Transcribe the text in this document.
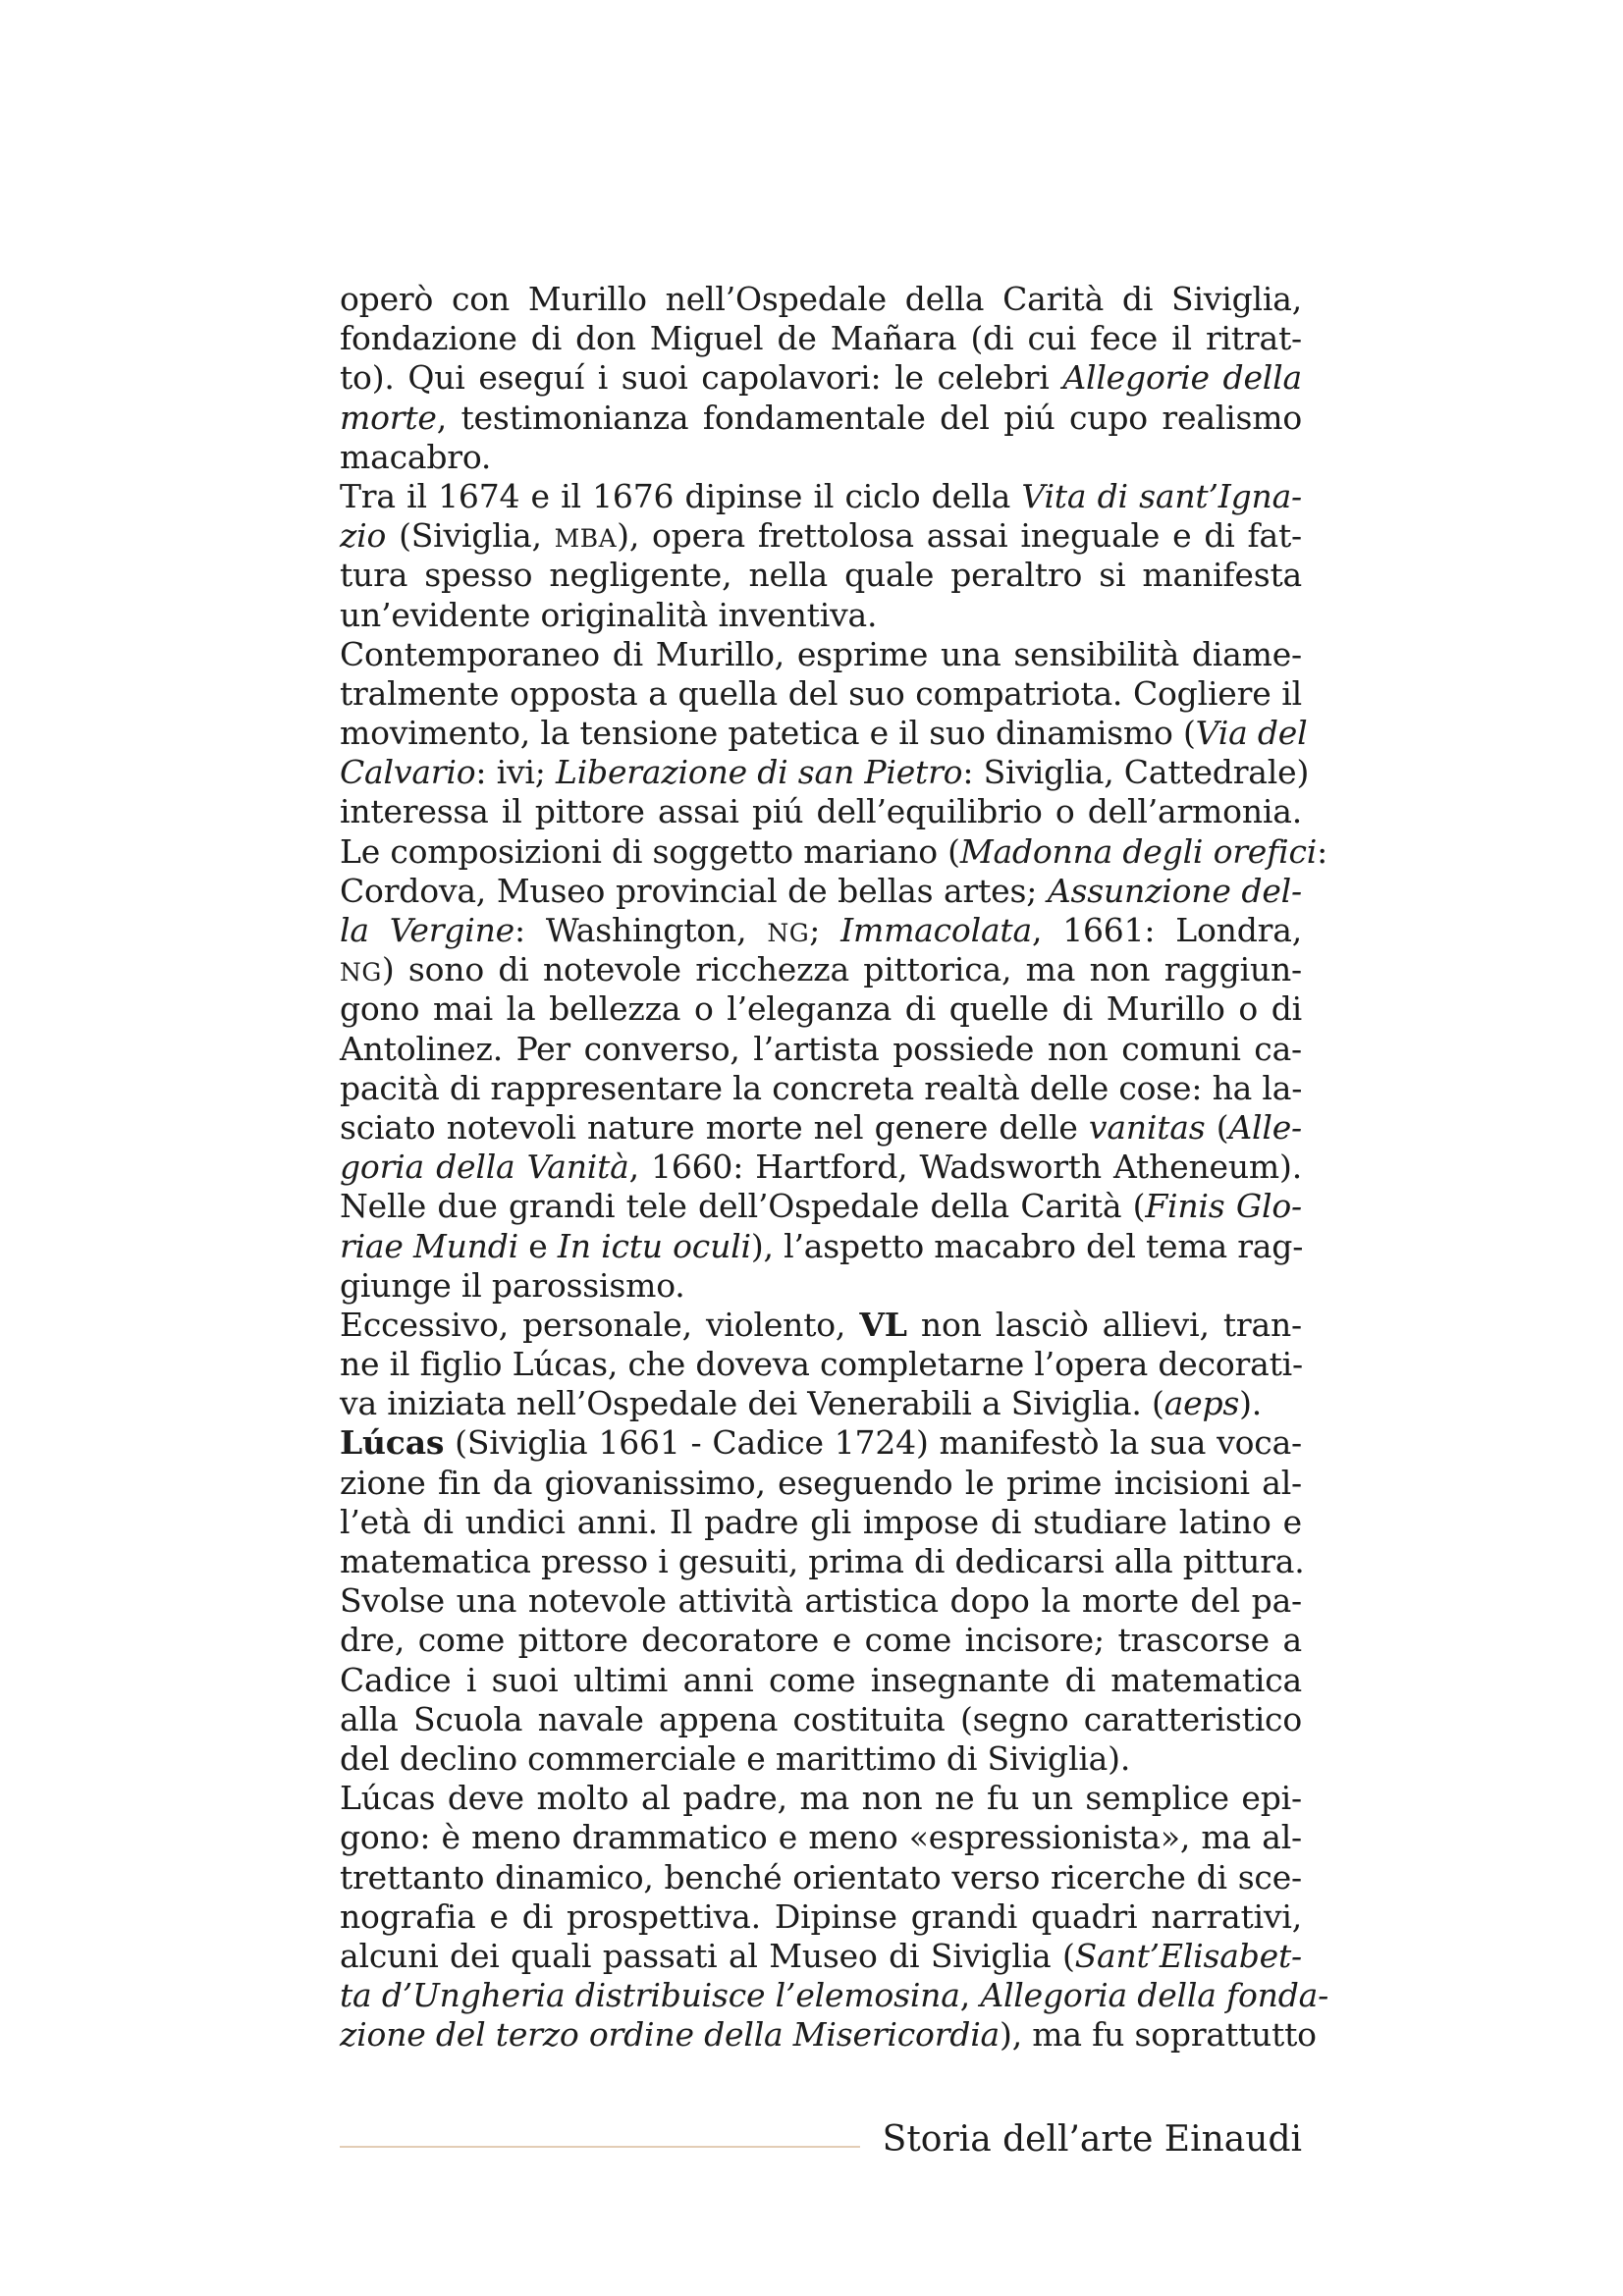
operò con Murillo nell’Ospedale della Carità di Siviglia,
fondazione di don Miguel de Mañara (di cui fece il ritrat-
to). Qui eseguí i suoi capolavori: le celebri Allegorie della
morte, testimonianza fondamentale del piú cupo realismo
macabro.
Tra il 1674 e il 1676 dipinse il ciclo della Vita di sant’Igna-
zio (Siviglia, MBA), opera frettolosa assai ineguale e di fat-
tura spesso negligente, nella quale peraltro si manifesta
un’evidente originalità inventiva.
Contemporaneo di Murillo, esprime una sensibilità diame-
tralmente opposta a quella del suo compatriota. Cogliere il
movimento, la tensione patetica e il suo dinamismo (Via del
Calvario: ivi; Liberazione di san Pietro: Siviglia, Cattedrale)
interessa il pittore assai piú dell’equilibrio o dell’armonia.
Le composizioni di soggetto mariano (Madonna degli orefici:
Cordova, Museo provincial de bellas artes; Assunzione del-
la Vergine: Washington, NG; Immacolata, 1661: Londra,
NG) sono di notevole ricchezza pittorica, ma non raggiun-
gono mai la bellezza o l’eleganza di quelle di Murillo o di
Antolinez. Per converso, l’artista possiede non comuni ca-
pacità di rappresentare la concreta realtà delle cose: ha la-
sciato notevoli nature morte nel genere delle vanitas (Alle-
goria della Vanità, 1660: Hartford, Wadsworth Atheneum).
Nelle due grandi tele dell’Ospedale della Carità (Finis Glo-
riae Mundi e In ictu oculi), l’aspetto macabro del tema rag-
giunge il parossismo.
Eccessivo, personale, violento, VL non lasciò allievi, tran-
ne il figlio Lúcas, che doveva completarne l’opera decorati-
va iniziata nell’Ospedale dei Venerabili a Siviglia. (aeps).
Lúcas (Siviglia 1661 - Cadice 1724) manifestò la sua voca-
zione fin da giovanissimo, eseguendo le prime incisioni al-
l’età di undici anni. Il padre gli impose di studiare latino e
matematica presso i gesuiti, prima di dedicarsi alla pittura.
Svolse una notevole attività artistica dopo la morte del pa-
dre, come pittore decoratore e come incisore; trascorse a
Cadice i suoi ultimi anni come insegnante di matematica
alla Scuola navale appena costituita (segno caratteristico
del declino commerciale e marittimo di Siviglia).
Lúcas deve molto al padre, ma non ne fu un semplice epi-
gono: è meno drammatico e meno «espressionista», ma al-
trettanto dinamico, benché orientato verso ricerche di sce-
nografia e di prospettiva. Dipinse grandi quadri narrativi,
alcuni dei quali passati al Museo di Siviglia (Sant’Elisabet-
ta d’Ungheria distribuisce l’elemosina, Allegoria della fonda-
zione del terzo ordine della Misericordia), ma fu soprattutto
Storia dell’arte Einaudi
